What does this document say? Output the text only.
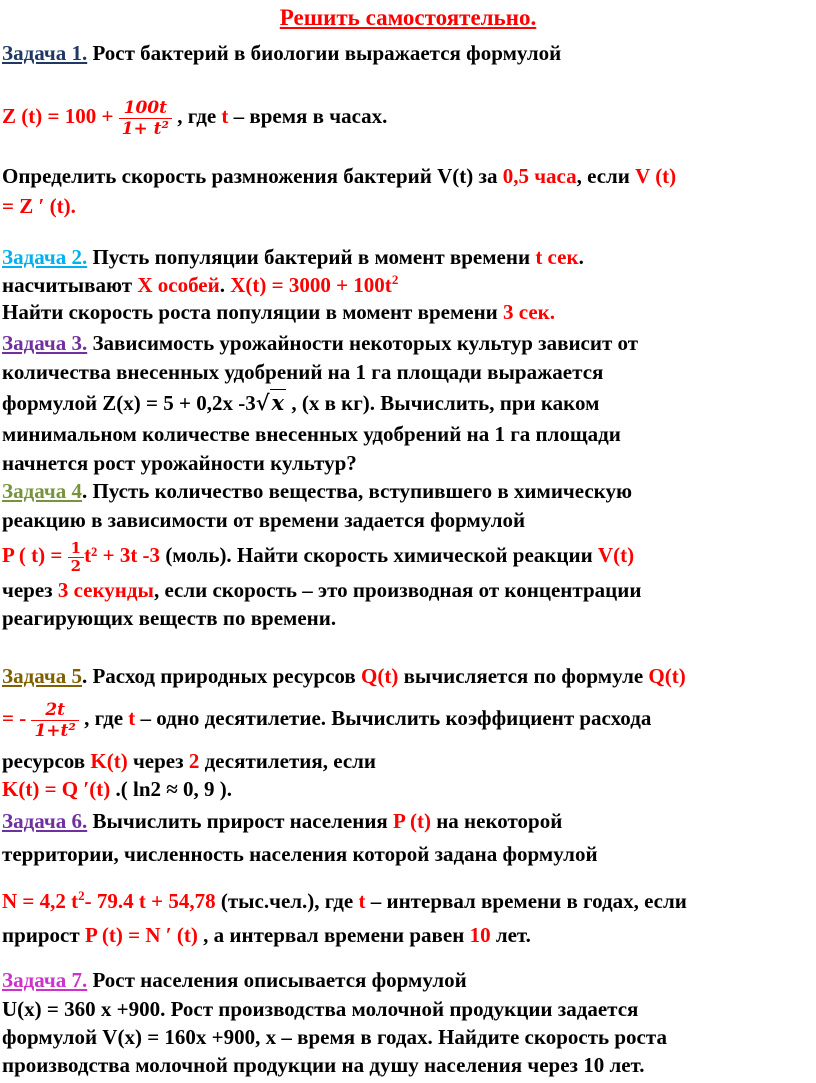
Решить самостоятельно.
Задача 1. Рост бактерий в биологии выражается формулой
Z $(t) = 100 + \frac{100t}{\text{1+ t²}}$ , где t – время в часах.
Определить скорость размножения бактерий V(t) за 0,5 часа, если V (t)
= Z ′ (t).
Задача 2. Пусть популяции бактерий в момент времени t сек.
насчитывают X особей. $X(t) = 3000 + 100t^2$
Найти скорость роста популяции в момент времени 3 сек.
Задача 3. Зависимость урожайности некоторых культур зависит от
количества внесенных удобрений на 1 га площади выражается
формулой Z(x) = 5 + 0,2x -3√x , (x в кг). Вычислить, при каком
минимальном количестве внесенных удобрений на 1 га площади
начнется рост урожайности культур?
Задача 4. Пусть количество вещества, вступившего в химическую
реакцию в зависимости от времени задается формулой
P ( $t) = \frac{1}{2} t^2 + 3t$ -3 (моль). Найти скорость химической реакции V(t)
через 3 секунды, если скорость – это производная от концентрации
реагирующих веществ по времени.
Задача 5. Расход природных ресурсов Q(t) вычисляется по формуле Q(t)
= - $\frac{2t}{\text{1+t²}}$ , где t – одно десятилетие. Вычислить коэффициент расхода
ресурсов K(t) через 2 десятилетия, если
K(t) = Q ′(t) .( ln2 ≈ 0, 9 ).
Задача 6. Вычислить прирост населения P (t) на некоторой
территории, численность населения которой задана формулой
N = 4,2 $t^2-$ 79.4 t + 54,78 (тыс.чел.), где t – интервал времени в годах, если
прирост P (t) = N ′ (t) , а интервал времени равен 10 лет.
Задача 7. Рост населения описывается формулой
U(x) = 360 x +900. Рост производства молочной продукции задается
формулой V(x) = 160x +900, x – время в годах. Найдите скорость роста
производства молочной продукции на душу населения через 10 лет.
